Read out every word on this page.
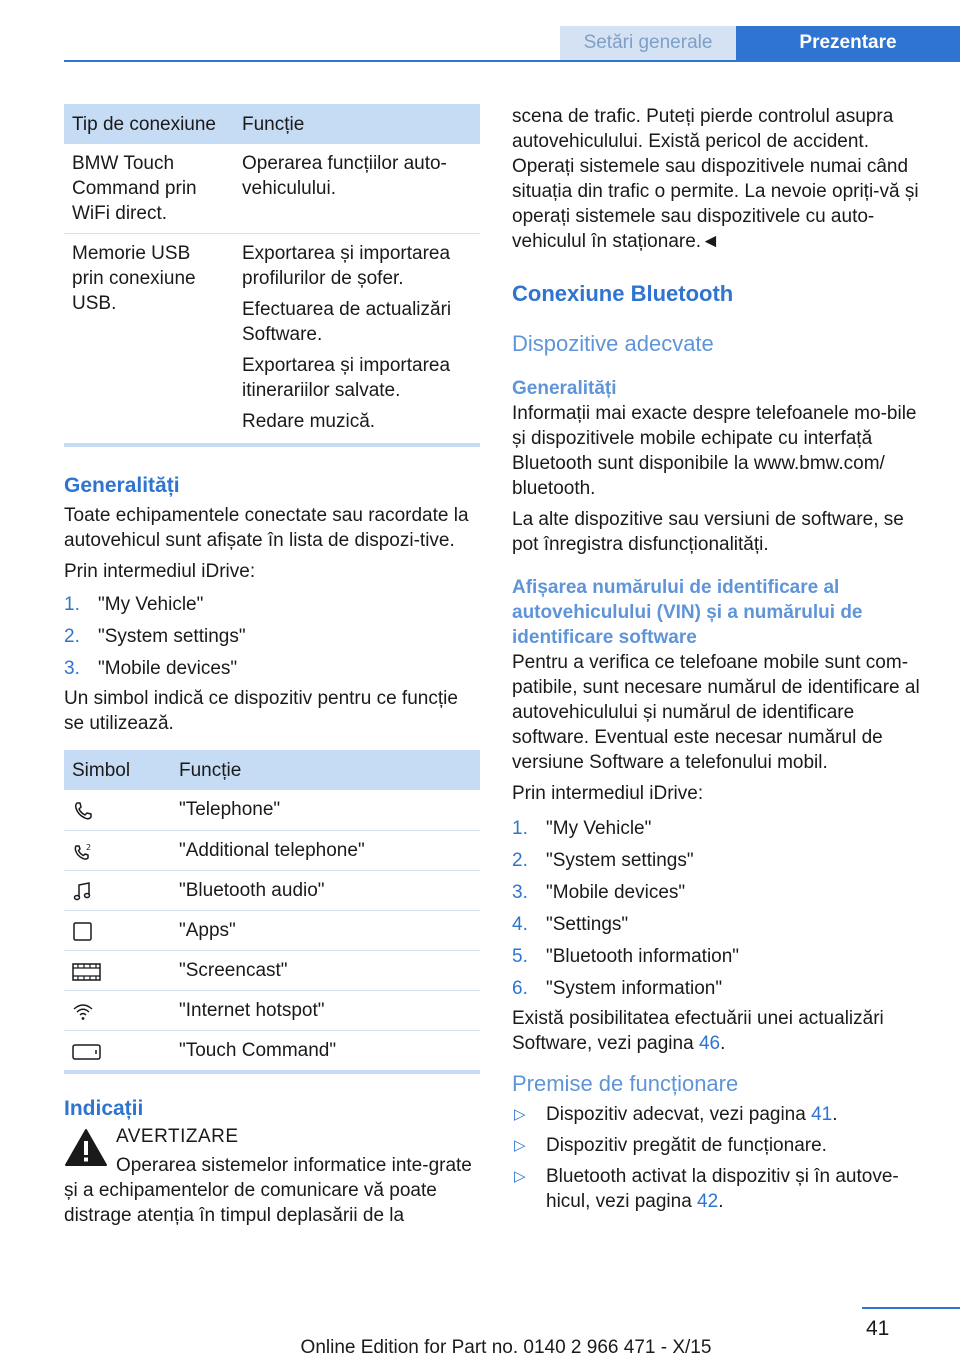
Setări generale	Prezentare
Tip de conexiune	Funcție
BMW Touch Command prin WiFi direct.	Operarea funcțiilor auto-vehiculului.

Memorie USB prin conexiune USB.	Exportarea și importarea profilurilor de șofer.
Efectuarea de actualizări Software.
Exportarea și importarea itinerariilor salvate.
Redare muzică.
Generalități

Toate echipamentele conectate sau racordate la autovehicul sunt afișate în lista de dispozi-tive.

Prin intermediul iDrive:

1. "My Vehicle"
2. "System settings"
3. "Mobile devices"

Un simbol indică ce dispozitiv pentru ce funcție se utilizează.

Simbol	Funcție

	"Telephone"

2	"Additional telephone"

	"Bluetooth audio"

	"Apps"

	"Screencast"

	"Internet hotspot"

	"Touch Command"
Indicații
AVERTIZARE

Operarea sistemelor informatice inte-grate și a echipamentelor de comunicare vă poate distrage atenția în timpul deplasării de la

scena de trafic. Puteți pierde controlul asupra autovehiculului. Există pericol de accident. Operați sistemele sau dispozitivele numai când situația din trafic o permite. La nevoie opriți-vă și operați sistemele sau dispozitivele cu auto-vehiculul în staționare.◄

Conexiune Bluetooth
Dispozitive adecvate
Generalități

Informații mai exacte despre telefoanele mo-bile și dispozitivele mobile echipate cu interfață Bluetooth sunt disponibile la www.bmw.com/ bluetooth.

La alte dispozitive sau versiuni de software, se pot înregistra disfuncționalități.

Afișarea numărului de identificare al autovehiculului (VIN) și a numărului de identificare software

Pentru a verifica ce telefoane mobile sunt com-patibile, sunt necesare numărul de identificare al autovehiculului și numărul de identificare software. Eventual este necesar numărul de versiune Software a telefonului mobil.

Prin intermediul iDrive:

1. "My Vehicle"
2. "System settings"
3. "Mobile devices"
4. "Settings"
5. "Bluetooth information"
6. "System information"

Există posibilitatea efectuării unei actualizări Software, vezi pagina 46.

Premise de funcționare
▷ Dispozitiv adecvat, vezi pagina 41.
▷ Dispozitiv pregătit de funcționare.
▷ Bluetooth activat la dispozitiv și în autove-hicul, vezi pagina 42.
41
Online Edition for Part no. 0140 2 966 471 - X/15
